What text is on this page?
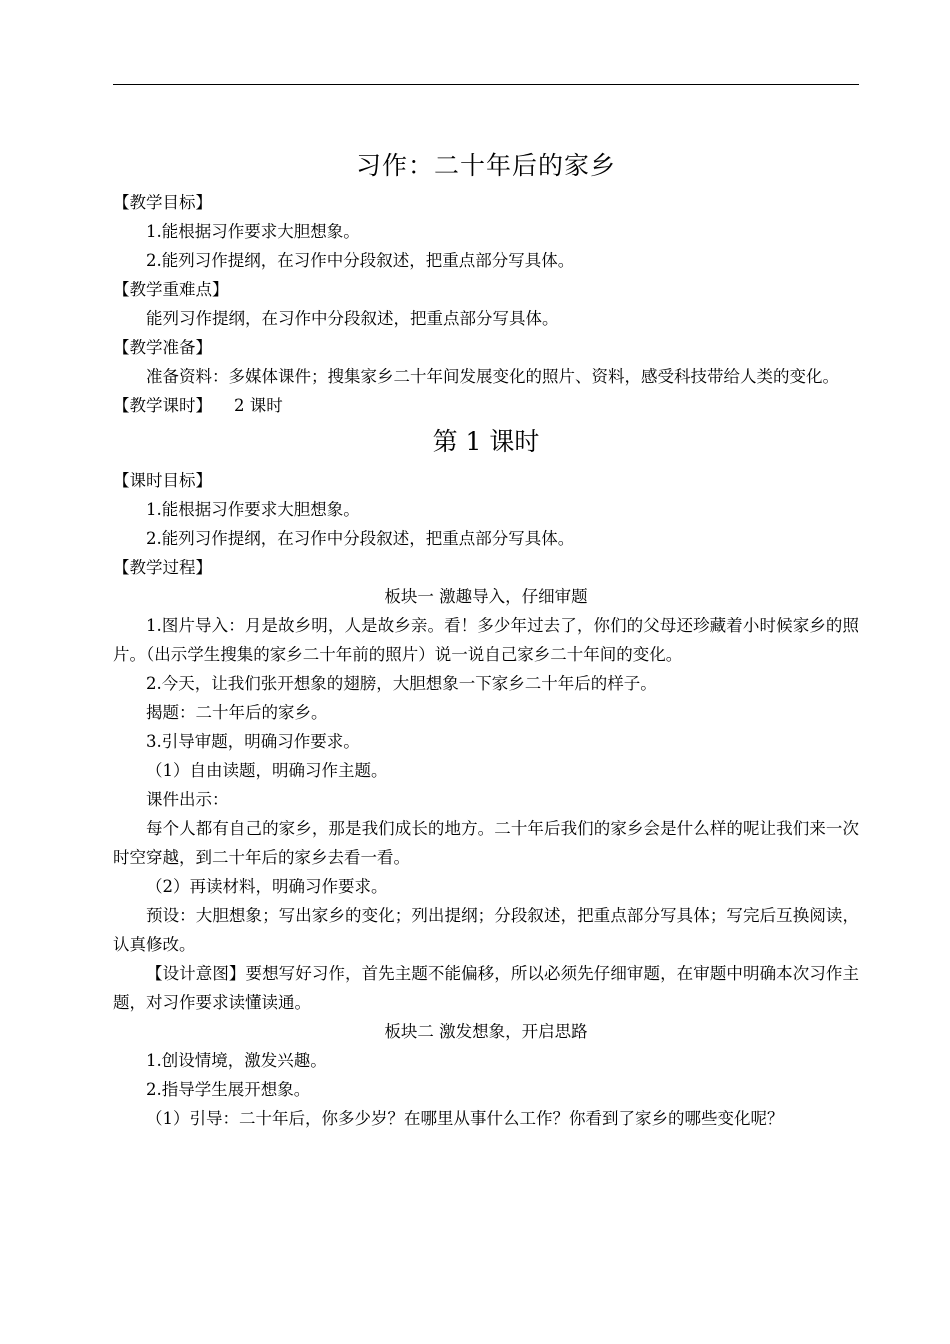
习作：二十年后的家乡

【教学目标】

1.能根据习作要求大胆想象。

2.能列习作提纲，在习作中分段叙述，把重点部分写具体。

【教学重难点】

能列习作提纲，在习作中分段叙述，把重点部分写具体。

【教学准备】

准备资料：多媒体课件；搜集家乡二十年间发展变化的照片、资料，感受科技带给人类的变化。

【教学课时】 2 课时

第 1 课时

【课时目标】

1.能根据习作要求大胆想象。

2.能列习作提纲，在习作中分段叙述，把重点部分写具体。

【教学过程】

板块一 激趣导入，仔细审题

1.图片导入：月是故乡明，人是故乡亲。看！多少年过去了，你们的父母还珍藏着小时候家乡的照片。（出示学生搜集的家乡二十年前的照片）说一说自己家乡二十年间的变化。

2.今天，让我们张开想象的翅膀，大胆想象一下家乡二十年后的样子。

揭题：二十年后的家乡。

3.引导审题，明确习作要求。

（1）自由读题，明确习作主题。

课件出示：

每个人都有自己的家乡，那是我们成长的地方。二十年后我们的家乡会是什么样的呢让我们来一次时空穿越，到二十年后的家乡去看一看。

（2）再读材料，明确习作要求。

预设：大胆想象；写出家乡的变化；列出提纲；分段叙述，把重点部分写具体；写完后互换阅读，认真修改。

【设计意图】要想写好习作，首先主题不能偏移，所以必须先仔细审题，在审题中明确本次习作主题，对习作要求读懂读通。

板块二 激发想象，开启思路

1.创设情境，激发兴趣。

2.指导学生展开想象。

（1）引导：二十年后，你多少岁？在哪里从事什么工作？你看到了家乡的哪些变化呢？
